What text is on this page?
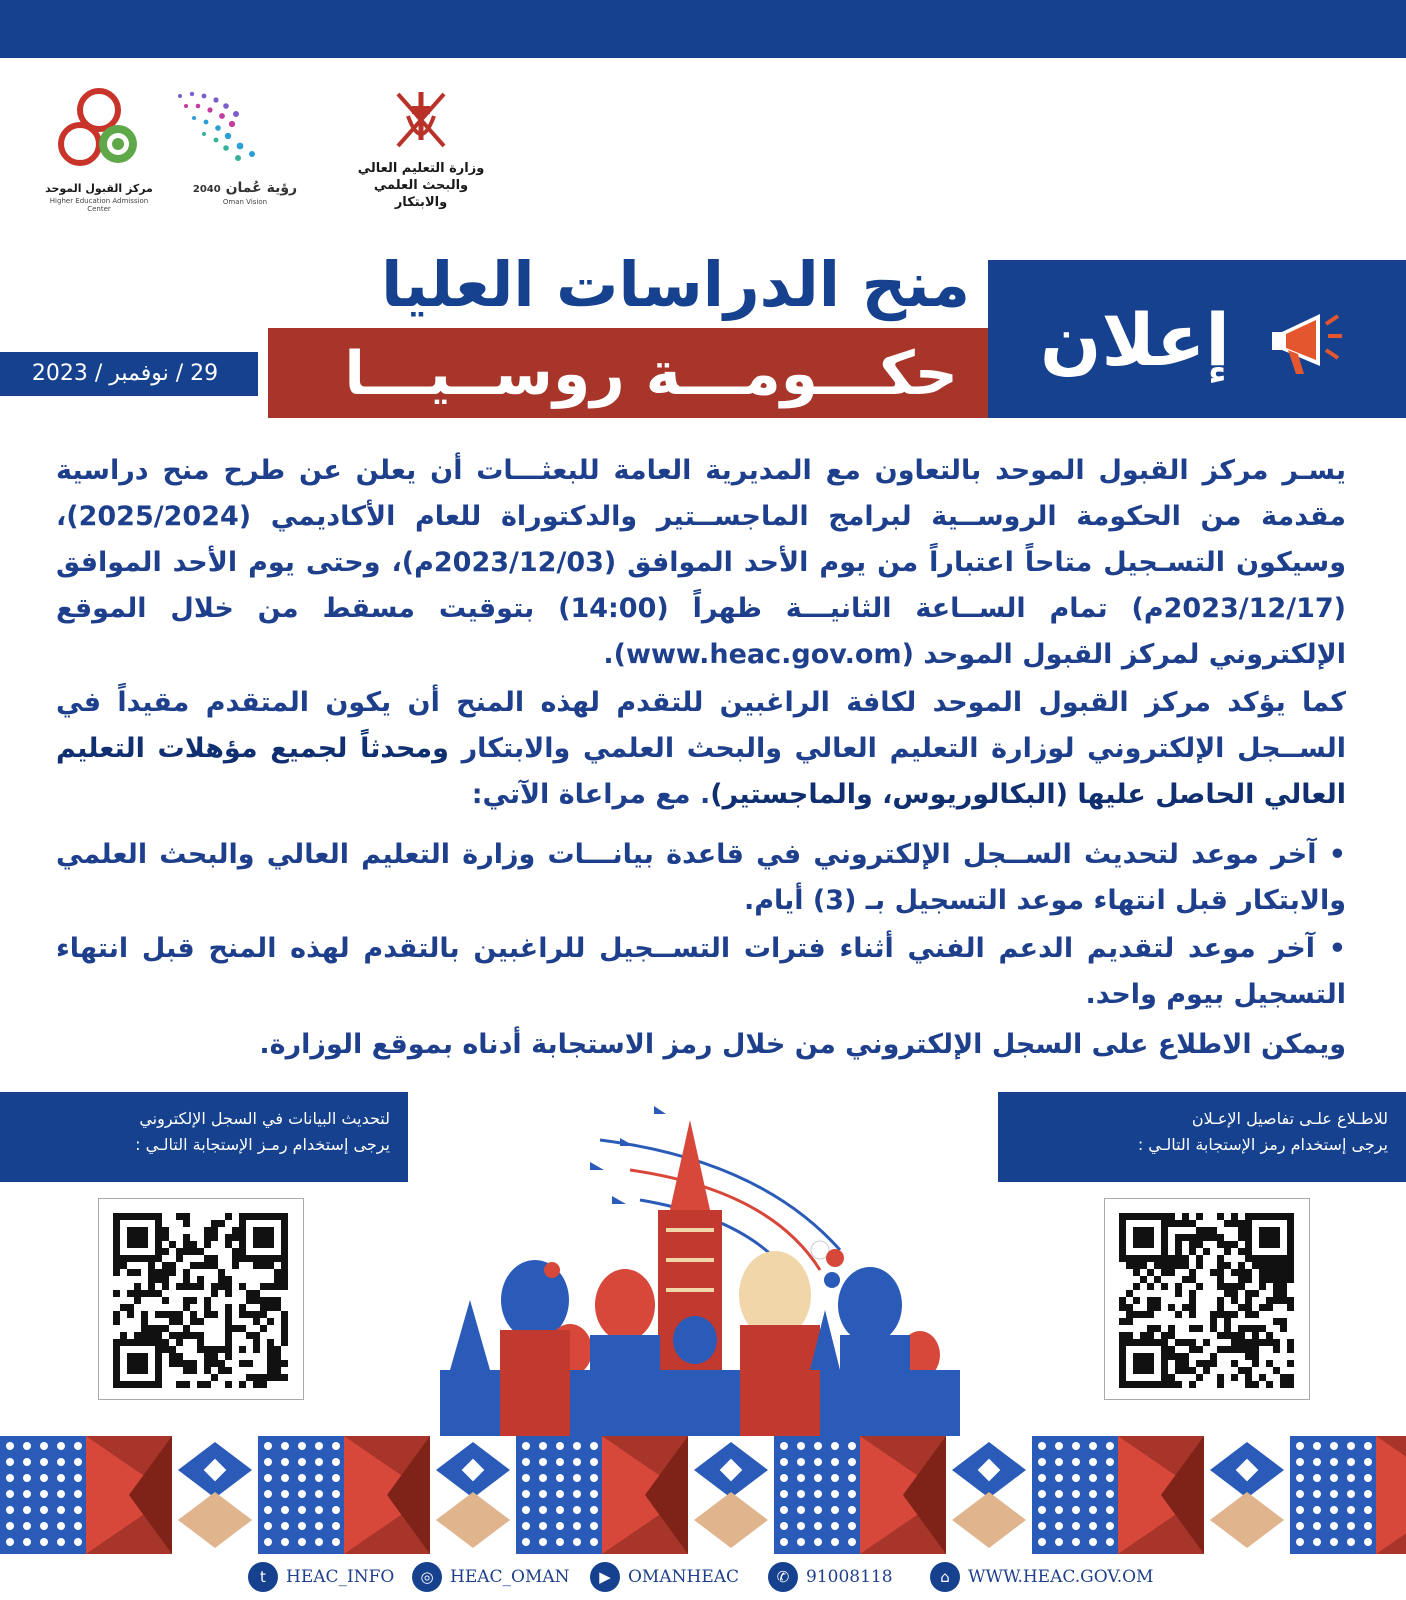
مركز القبول الموحد
Higher Education Admission Center
رؤية عُمان 2040
Oman Vision
وزارة التعليم العالي
والبحث العلمي والابتكار
منح الدراسات العليا
حكـــومـــة روســيـــا	إعلان
29 / نوفمبر / 2023
يسـر مركز القبول الموحد بالتعاون مع المديرية العامة للبعثـــات أن يعلن عن طرح منح دراسية مقدمة من الحكومة الروســية لبرامج الماجســتير والدكتوراة للعام الأكاديمي (2025/2024)، وسيكون التسـجيل متاحاً اعتباراً من يوم الأحد الموافق (2023/12/03م)، وحتى يوم الأحد الموافق (2023/12/17م) تمام الســاعة الثانيـــة ظهراً (14:00) بتوقيت مسقط من خلال الموقع الإلكتروني لمركز القبول الموحد (www.heac.gov.om).
كما يؤكد مركز القبول الموحد لكافة الراغبين للتقدم لهذه المنح أن يكون المتقدم مقيداً في الســجل الإلكتروني لوزارة التعليم العالي والبحث العلمي والابتكار ومحدثاً لجميع مؤهلات التعليم العالي الحاصل عليها (البكالوريوس، والماجستير). مع مراعاة الآتي:
• آخر موعد لتحديث الســجل الإلكتروني في قاعدة بيانـــات وزارة التعليم العالي والبحث العلمي والابتكار قبل انتهاء موعد التسجيل بـ (3) أيام.
• آخر موعد لتقديم الدعم الفني أثناء فترات التســجيل للراغبين بالتقدم لهذه المنح قبل انتهاء التسجيل بيوم واحد.
ويمكن الاطلاع على السجل الإلكتروني من خلال رمز الاستجابة أدناه بموقع الوزارة.
لتحديث البيانات في السجل الإلكتروني
يرجى إستخدام رمـز الإستجابة التالـي :
للاطـلاع علـى تفاصيل الإعـلان
يرجى إستخدام رمز الإستجابة التالـي :
t	HEAC_INFO	◎ HEAC_OMAN	▶	OMANHEAC	✆ 91008118	⌂	WWW.HEAC.GOV.OM
